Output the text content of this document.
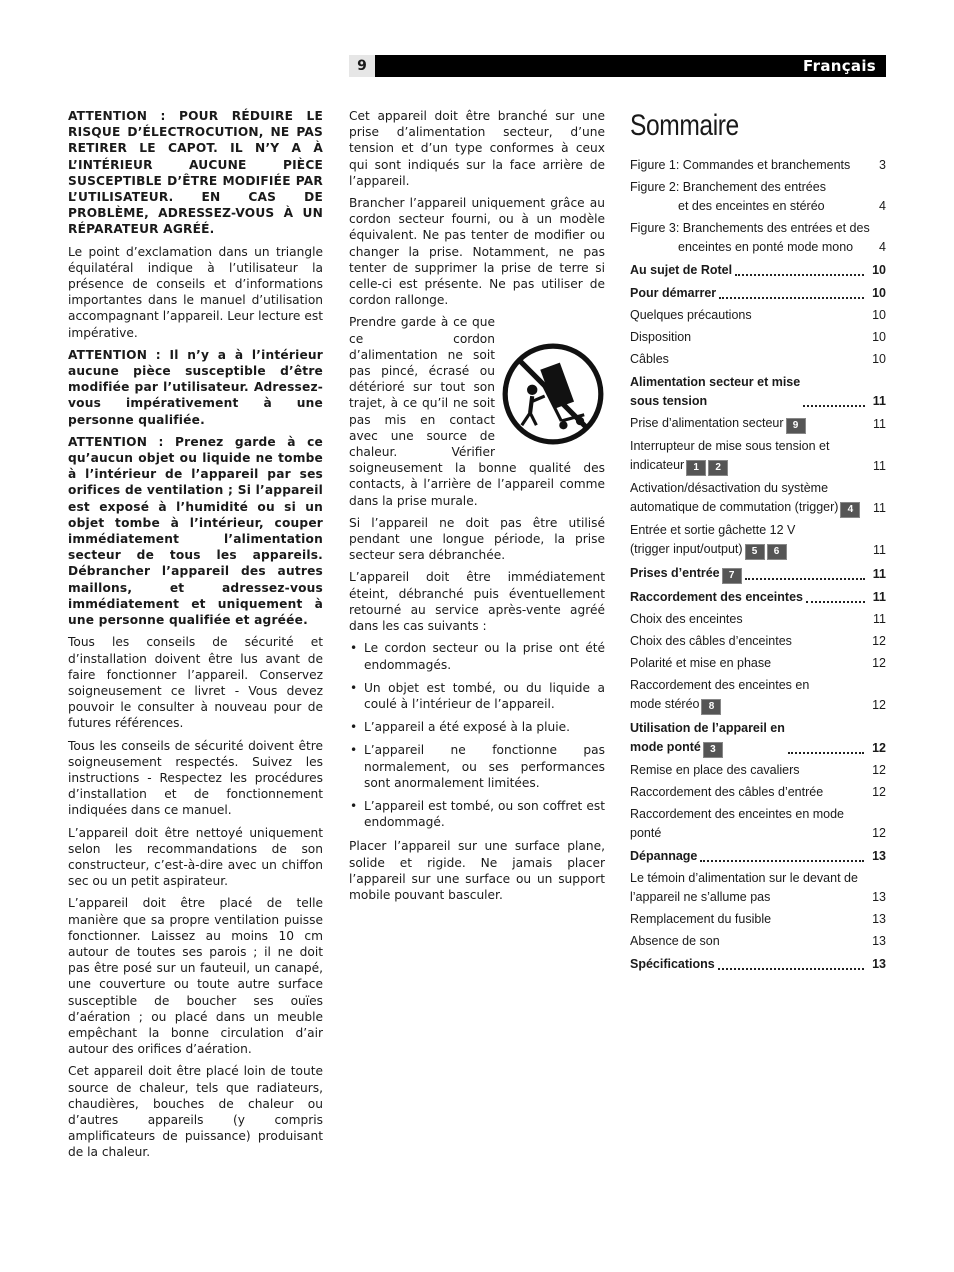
9	Français

ATTENTION : POUR RÉDUIRE LE RISQUE D’ÉLECTROCUTION, NE PAS RETIRER LE CAPOT. IL N’Y A À L’INTÉRIEUR AUCUNE PIÈCE SUSCEPTIBLE D’ÊTRE MODIFIÉE PAR L’UTILISATEUR. EN CAS DE PROBLÈME, ADRESSEZ-VOUS À UN RÉPARATEUR AGRÉÉ.

Le point d’exclamation dans un triangle équilatéral indique à l’utilisateur la présence de conseils et d’informations importantes dans le manuel d’utilisation accompagnant l’appareil. Leur lecture est impérative.

ATTENTION : Il n’y a à l’intérieur aucune pièce susceptible d’être modifiée par l’utilisateur. Adressez-vous impérativement à une personne qualifiée.

ATTENTION : Prenez garde à ce qu’aucun objet ou liquide ne tombe à l’intérieur de l’appareil par ses orifices de ventilation ; Si l’appareil est exposé à l’humidité ou si un objet tombe à l’intérieur, couper immédiatement l’alimentation secteur de tous les appareils. Débrancher l’appareil des autres maillons, et adressez-vous immédiatement et uniquement à une personne qualifiée et agréée.

Tous les conseils de sécurité et d’installation doivent être lus avant de faire fonctionner l’appareil. Conservez soigneusement ce livret - Vous devez pouvoir le consulter à nouveau pour de futures références.

Tous les conseils de sécurité doivent être soigneusement respectés. Suivez les instructions - Respectez les procédures d’installation et de fonctionnement indiquées dans ce manuel.

L’appareil doit être nettoyé uniquement selon les recommandations de son constructeur, c’est-à-dire avec un chiffon sec ou un petit aspirateur.

L’appareil doit être placé de telle manière que sa propre ventilation puisse fonctionner. Laissez au moins 10 cm autour de toutes ses parois ; il ne doit pas être posé sur un fauteuil, un canapé, une couverture ou toute autre surface susceptible de boucher ses ouïes d’aération ; ou placé dans un meuble empêchant la bonne circulation d’air autour des orifices d’aération.

Cet appareil doit être placé loin de toute source de chaleur, tels que radiateurs, chaudières, bouches de chaleur ou d’autres appareils (y compris amplificateurs de puissance) produisant de la chaleur.

Cet appareil doit être branché sur une prise d’alimentation secteur, d’une tension et d’un type conformes à ceux qui sont indiqués sur la face arrière de l’appareil.

Brancher l’appareil uniquement grâce au cordon secteur fourni, ou à un modèle équivalent. Ne pas tenter de modifier ou changer la prise. Notamment, ne pas tenter de supprimer la prise de terre si celle-ci est présente. Ne pas utiliser de cordon rallonge.

Prendre garde à ce que ce cordon d’alimentation ne soit pas pincé, écrasé ou détérioré sur tout son trajet, à ce qu’il ne soit pas mis en contact avec une source de chaleur. Vérifier soigneusement la bonne qualité des contacts, à l’arrière de l’appareil comme dans la prise murale.

Si l’appareil ne doit pas être utilisé pendant une longue période, la prise secteur sera débranchée.

L’appareil doit être immédiatement éteint, débranché puis éventuellement retourné au service après-vente agréé dans les cas suivants :

• Le cordon secteur ou la prise ont été endommagés.
• Un objet est tombé, ou du liquide a coulé à l’intérieur de l’appareil.
• L’appareil a été exposé à la pluie.
• L’appareil ne fonctionne pas normalement, ou ses performances sont anormalement limitées.
• L’appareil est tombé, ou son coffret est endommagé.

Placer l’appareil sur une surface plane, solide et rigide. Ne jamais placer l’appareil sur une surface ou un support mobile pouvant basculer.

Sommaire
Figure 1: Commandes et branchements	3
Figure 2: Branchement des entrées
et des enceintes en stéréo	4
Figure 3: Branchements des entrées et des
enceintes en ponté mode mono	4
Au sujet de Rotel	10
Pour démarrer	10
Quelques précautions	10
Disposition	10
Câbles	10
Alimentation secteur et mise
sous tension	11
Prise d’alimentation secteur 9	11
Interrupteur de mise sous tension et
indicateur 1 2	11
Activation/désactivation du système
automatique de commutation (trigger) 4	11
Entrée et sortie gâchette 12 V
(trigger input/output) 5 6	11
Prises d’entrée 7	11
Raccordement des enceintes	11
Choix des enceintes	11
Choix des câbles d’enceintes	12
Polarité et mise en phase	12
Raccordement des enceintes en
mode stéréo 8	12
Utilisation de l’appareil en
mode ponté 3	12
Remise en place des cavaliers	12
Raccordement des câbles d’entrée	12
Raccordement des enceintes en mode ponté	12
Dépannage	13
Le témoin d’alimentation sur le devant de
l’appareil ne s’allume pas	13
Remplacement du fusible	13
Absence de son	13
Spécifications	13
